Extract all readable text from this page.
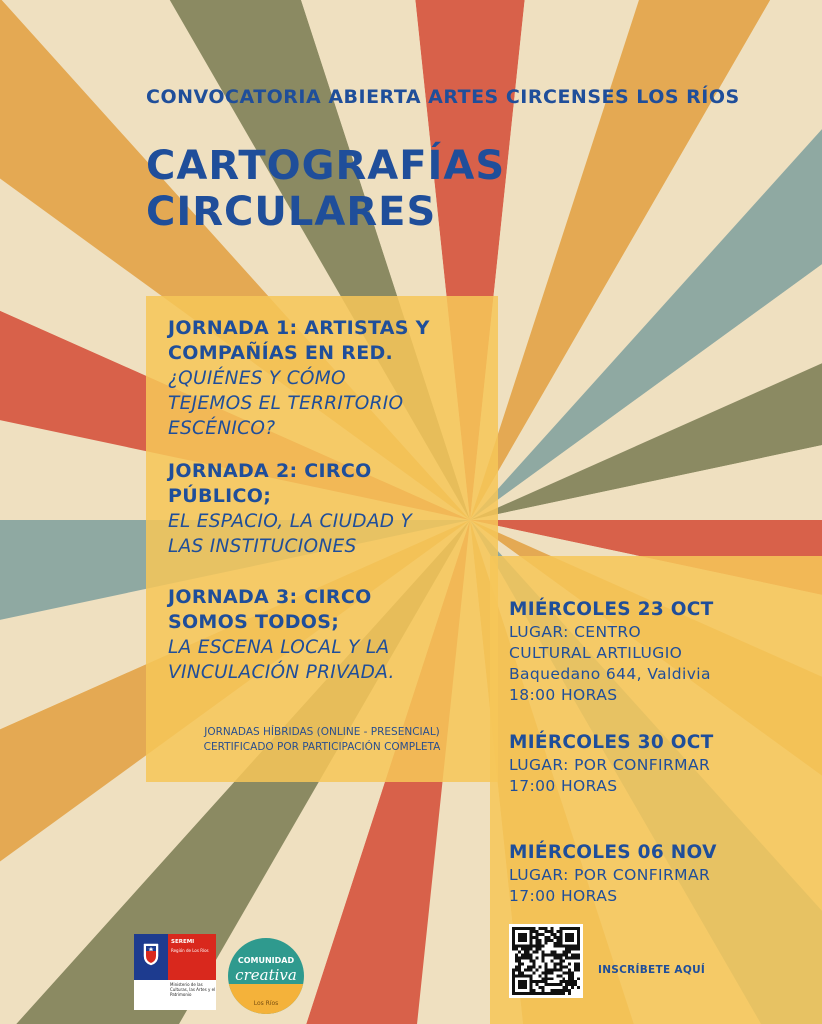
CONVOCATORIA ABIERTA ARTES CIRCENSES LOS RÍOS
CARTOGRAFÍAS
CIRCULARES
JORNADA 1: ARTISTAS Y
COMPAÑÍAS EN RED.
¿QUIÉNES Y CÓMO
TEJEMOS EL TERRITORIO
ESCÉNICO?
JORNADA 2: CIRCO
PÚBLICO;
EL ESPACIO, LA CIUDAD Y
LAS INSTITUCIONES
JORNADA 3: CIRCO
SOMOS TODOS;
LA ESCENA LOCAL Y LA
VINCULACIÓN PRIVADA.
JORNADAS HÍBRIDAS (ONLINE - PRESENCIAL)
CERTIFICADO POR PARTICIPACIÓN COMPLETA
MIÉRCOLES 23 OCT
LUGAR: CENTRO
CULTURAL ARTILUGIO
Baquedano 644, Valdivia
18:00 HORAS
MIÉRCOLES 30 OCT
LUGAR: POR CONFIRMAR
17:00 HORAS
MIÉRCOLES 06 NOV
LUGAR: POR CONFIRMAR
17:00 HORAS
INSCRÍBETE AQUÍ
SEREMI
Región de Los Ríos
Ministerio de las Culturas, las Artes y el Patrimonio
COMUNIDAD
creativa
Los Ríos
